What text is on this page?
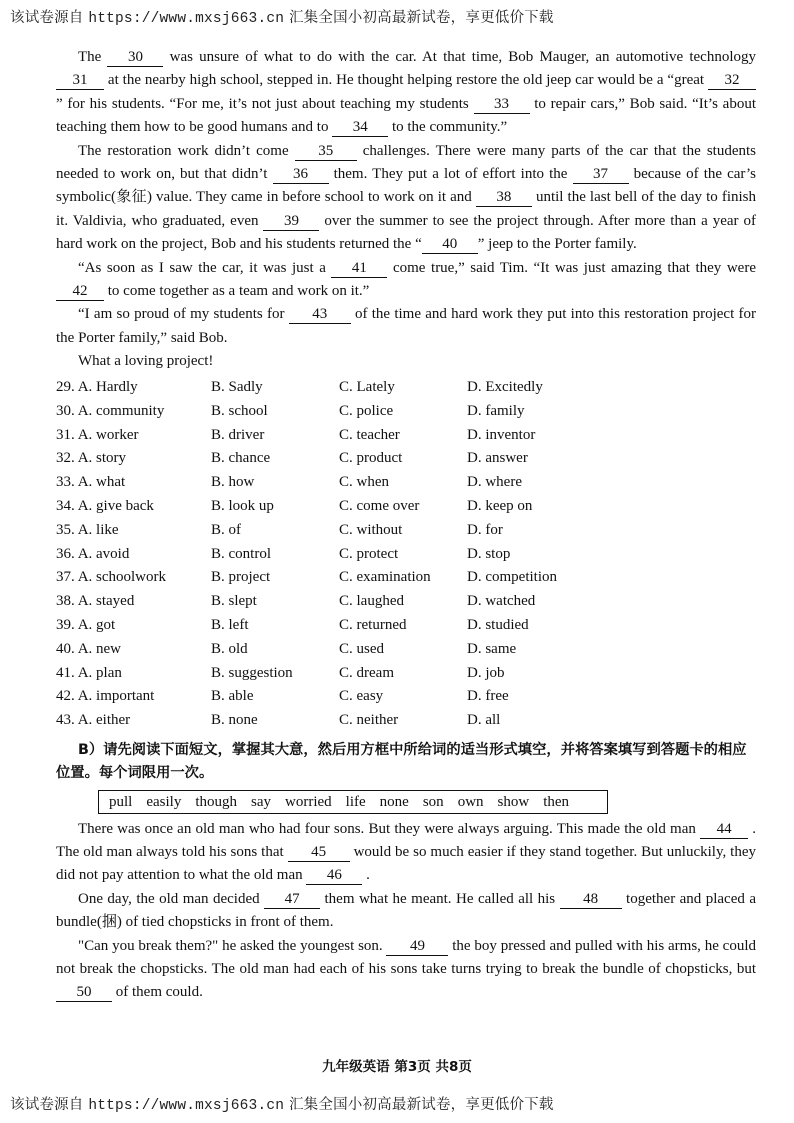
该试卷源自 https://www.mxsj663.cn 汇集全国小初高最新试卷，享更低价下载

The 30 was unsure of what to do with the car. At that time, Bob Mauger, an automotive technology 31 at the nearby high school, stepped in. He thought helping restore the old jeep car would be a “great 32” for his students. “For me, it’s not just about teaching my students 33 to repair cars,” Bob said. “It’s about teaching them how to be good humans and to 34 to the community.”

The restoration work didn’t come 35 challenges. There were many parts of the car that the students needed to work on, but that didn’t 36 them. They put a lot of effort into the 37 because of the car’s symbolic(象征) value. They came in before school to work on it and 38 until the last bell of the day to finish it. Valdivia, who graduated, even 39 over the summer to see the project through. After more than a year of hard work on the project, Bob and his students returned the “ 40 ” jeep to the Porter family.

“As soon as I saw the car, it was just a 41 come true,” said Tim. “It was just amazing that they were 42 to come together as a team and work on it.”

“I am so proud of my students for 43 of the time and hard work they put into this restoration project for the Porter family,” said Bob.

What a loving project!

29. A. Hardly	B. Sadly	C. Lately	D. Excitedly
30. A. community	B. school	C. police	D. family
31. A. worker	B. driver	C. teacher	D. inventor
32. A. story	B. chance	C. product	D. answer
33. A. what	B. how	C. when	D. where
34. A. give back	B. look up	C. come over	D. keep on
35. A. like	B. of	C. without	D. for
36. A. avoid	B. control	C. protect	D. stop
37. A. schoolwork	B. project	C. examination	D. competition
38. A. stayed	B. slept	C. laughed	D. watched
39. A. got	B. left	C. returned	D. studied
40. A. new	B. old	C. used	D. same
41. A. plan	B. suggestion	C. dream	D. job
42. A. important	B. able	C. easy	D. free
43. A. either	B. none	C. neither	D. all
B）请先阅读下面短文，掌握其大意，然后用方框中所给词的适当形式填空，并将答案填写到答题卡的相应位置。每个词限用一次。
pull easily though say worried life none son own show then

There was once an old man who had four sons. But they were always arguing. This made the old man 44 . The old man always told his sons that 45 would be so much easier if they stand together. But unluckily, they did not pay attention to what the old man 46 .

One day, the old man decided 47 them what he meant. He called all his 48 together and placed a bundle(捆) of tied chopsticks in front of them.

"Can you break them?" he asked the youngest son. 49 the boy pressed and pulled with his arms, he could not break the chopsticks. The old man had each of his sons take turns trying to break the bundle of chopsticks, but 50 of them could.

九年级英语 第3页 共8页
该试卷源自 https://www.mxsj663.cn 汇集全国小初高最新试卷，享更低价下载
